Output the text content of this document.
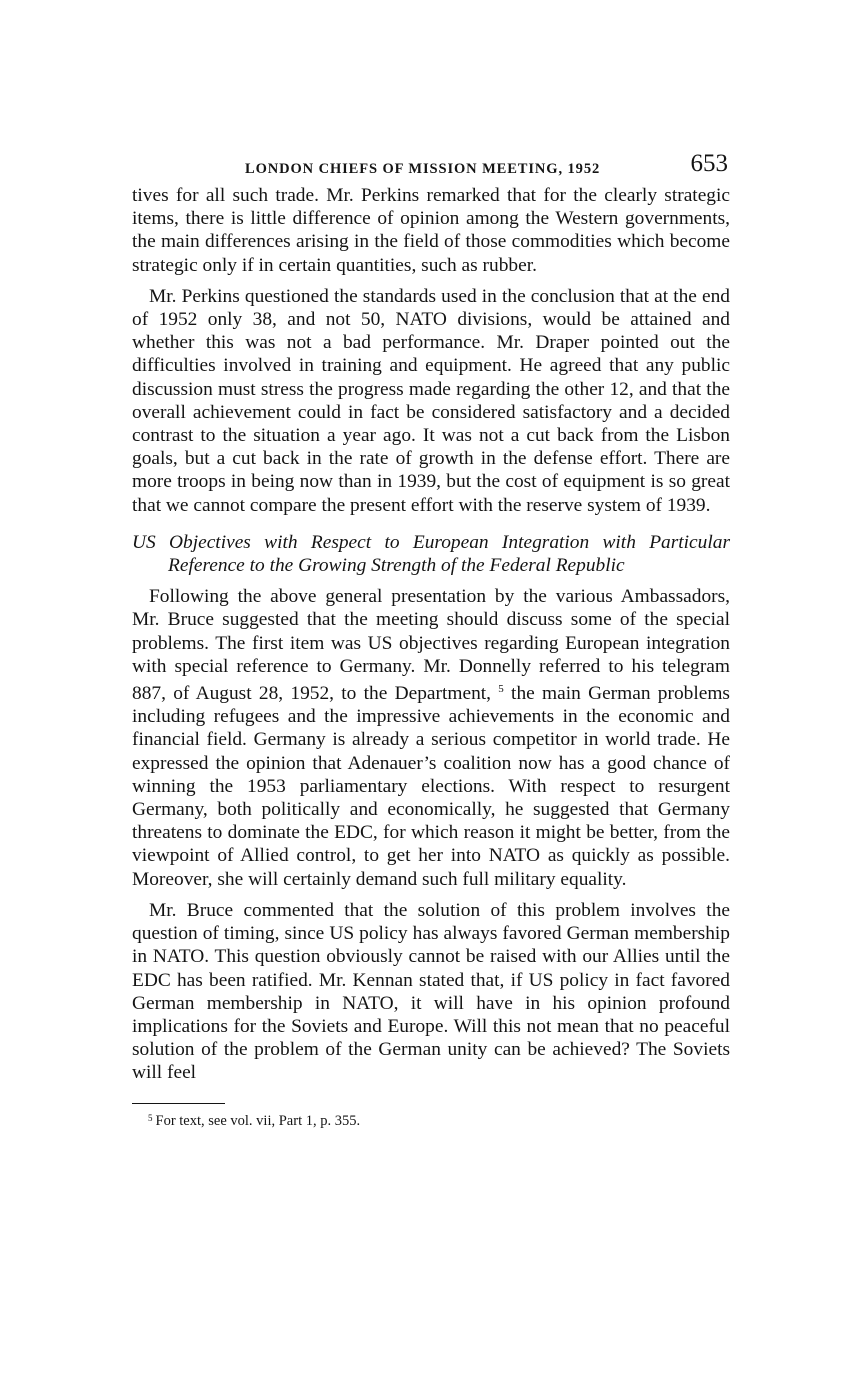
LONDON CHIEFS OF MISSION MEETING, 1952	653

tives for all such trade. Mr. Perkins remarked that for the clearly strategic items, there is little difference of opinion among the Western governments, the main differences arising in the field of those commodities which become strategic only if in certain quantities, such as rubber.

Mr. Perkins questioned the standards used in the conclusion that at the end of 1952 only 38, and not 50, NATO divisions, would be attained and whether this was not a bad performance. Mr. Draper pointed out the difficulties involved in training and equipment. He agreed that any public discussion must stress the progress made regarding the other 12, and that the overall achievement could in fact be considered satisfactory and a decided contrast to the situation a year ago. It was not a cut back from the Lisbon goals, but a cut back in the rate of growth in the defense effort. There are more troops in being now than in 1939, but the cost of equipment is so great that we cannot compare the present effort with the reserve system of 1939.

US Objectives with Respect to European Integration with Particular Reference to the Growing Strength of the Federal Republic

Following the above general presentation by the various Ambassadors, Mr. Bruce suggested that the meeting should discuss some of the special problems. The first item was US objectives regarding European integration with special reference to Germany. Mr. Donnelly referred to his telegram 887, of August 28, 1952, to the Department, $^5$ the main German problems including refugees and the impressive achievements in the economic and financial field. Germany is already a serious competitor in world trade. He expressed the opinion that Adenauer’s coalition now has a good chance of winning the 1953 parliamentary elections. With respect to resurgent Germany, both politically and economically, he suggested that Germany threatens to dominate the EDC, for which reason it might be better, from the viewpoint of Allied control, to get her into NATO as quickly as possible. Moreover, she will certainly demand such full military equality.

Mr. Bruce commented that the solution of this problem involves the question of timing, since US policy has always favored German membership in NATO. This question obviously cannot be raised with our Allies until the EDC has been ratified. Mr. Kennan stated that, if US policy in fact favored German membership in NATO, it will have in his opinion profound implications for the Soviets and Europe. Will this not mean that no peaceful solution of the problem of the German unity can be achieved? The Soviets will feel

$^5$ For text, see vol. vii, Part 1, p. 355.
